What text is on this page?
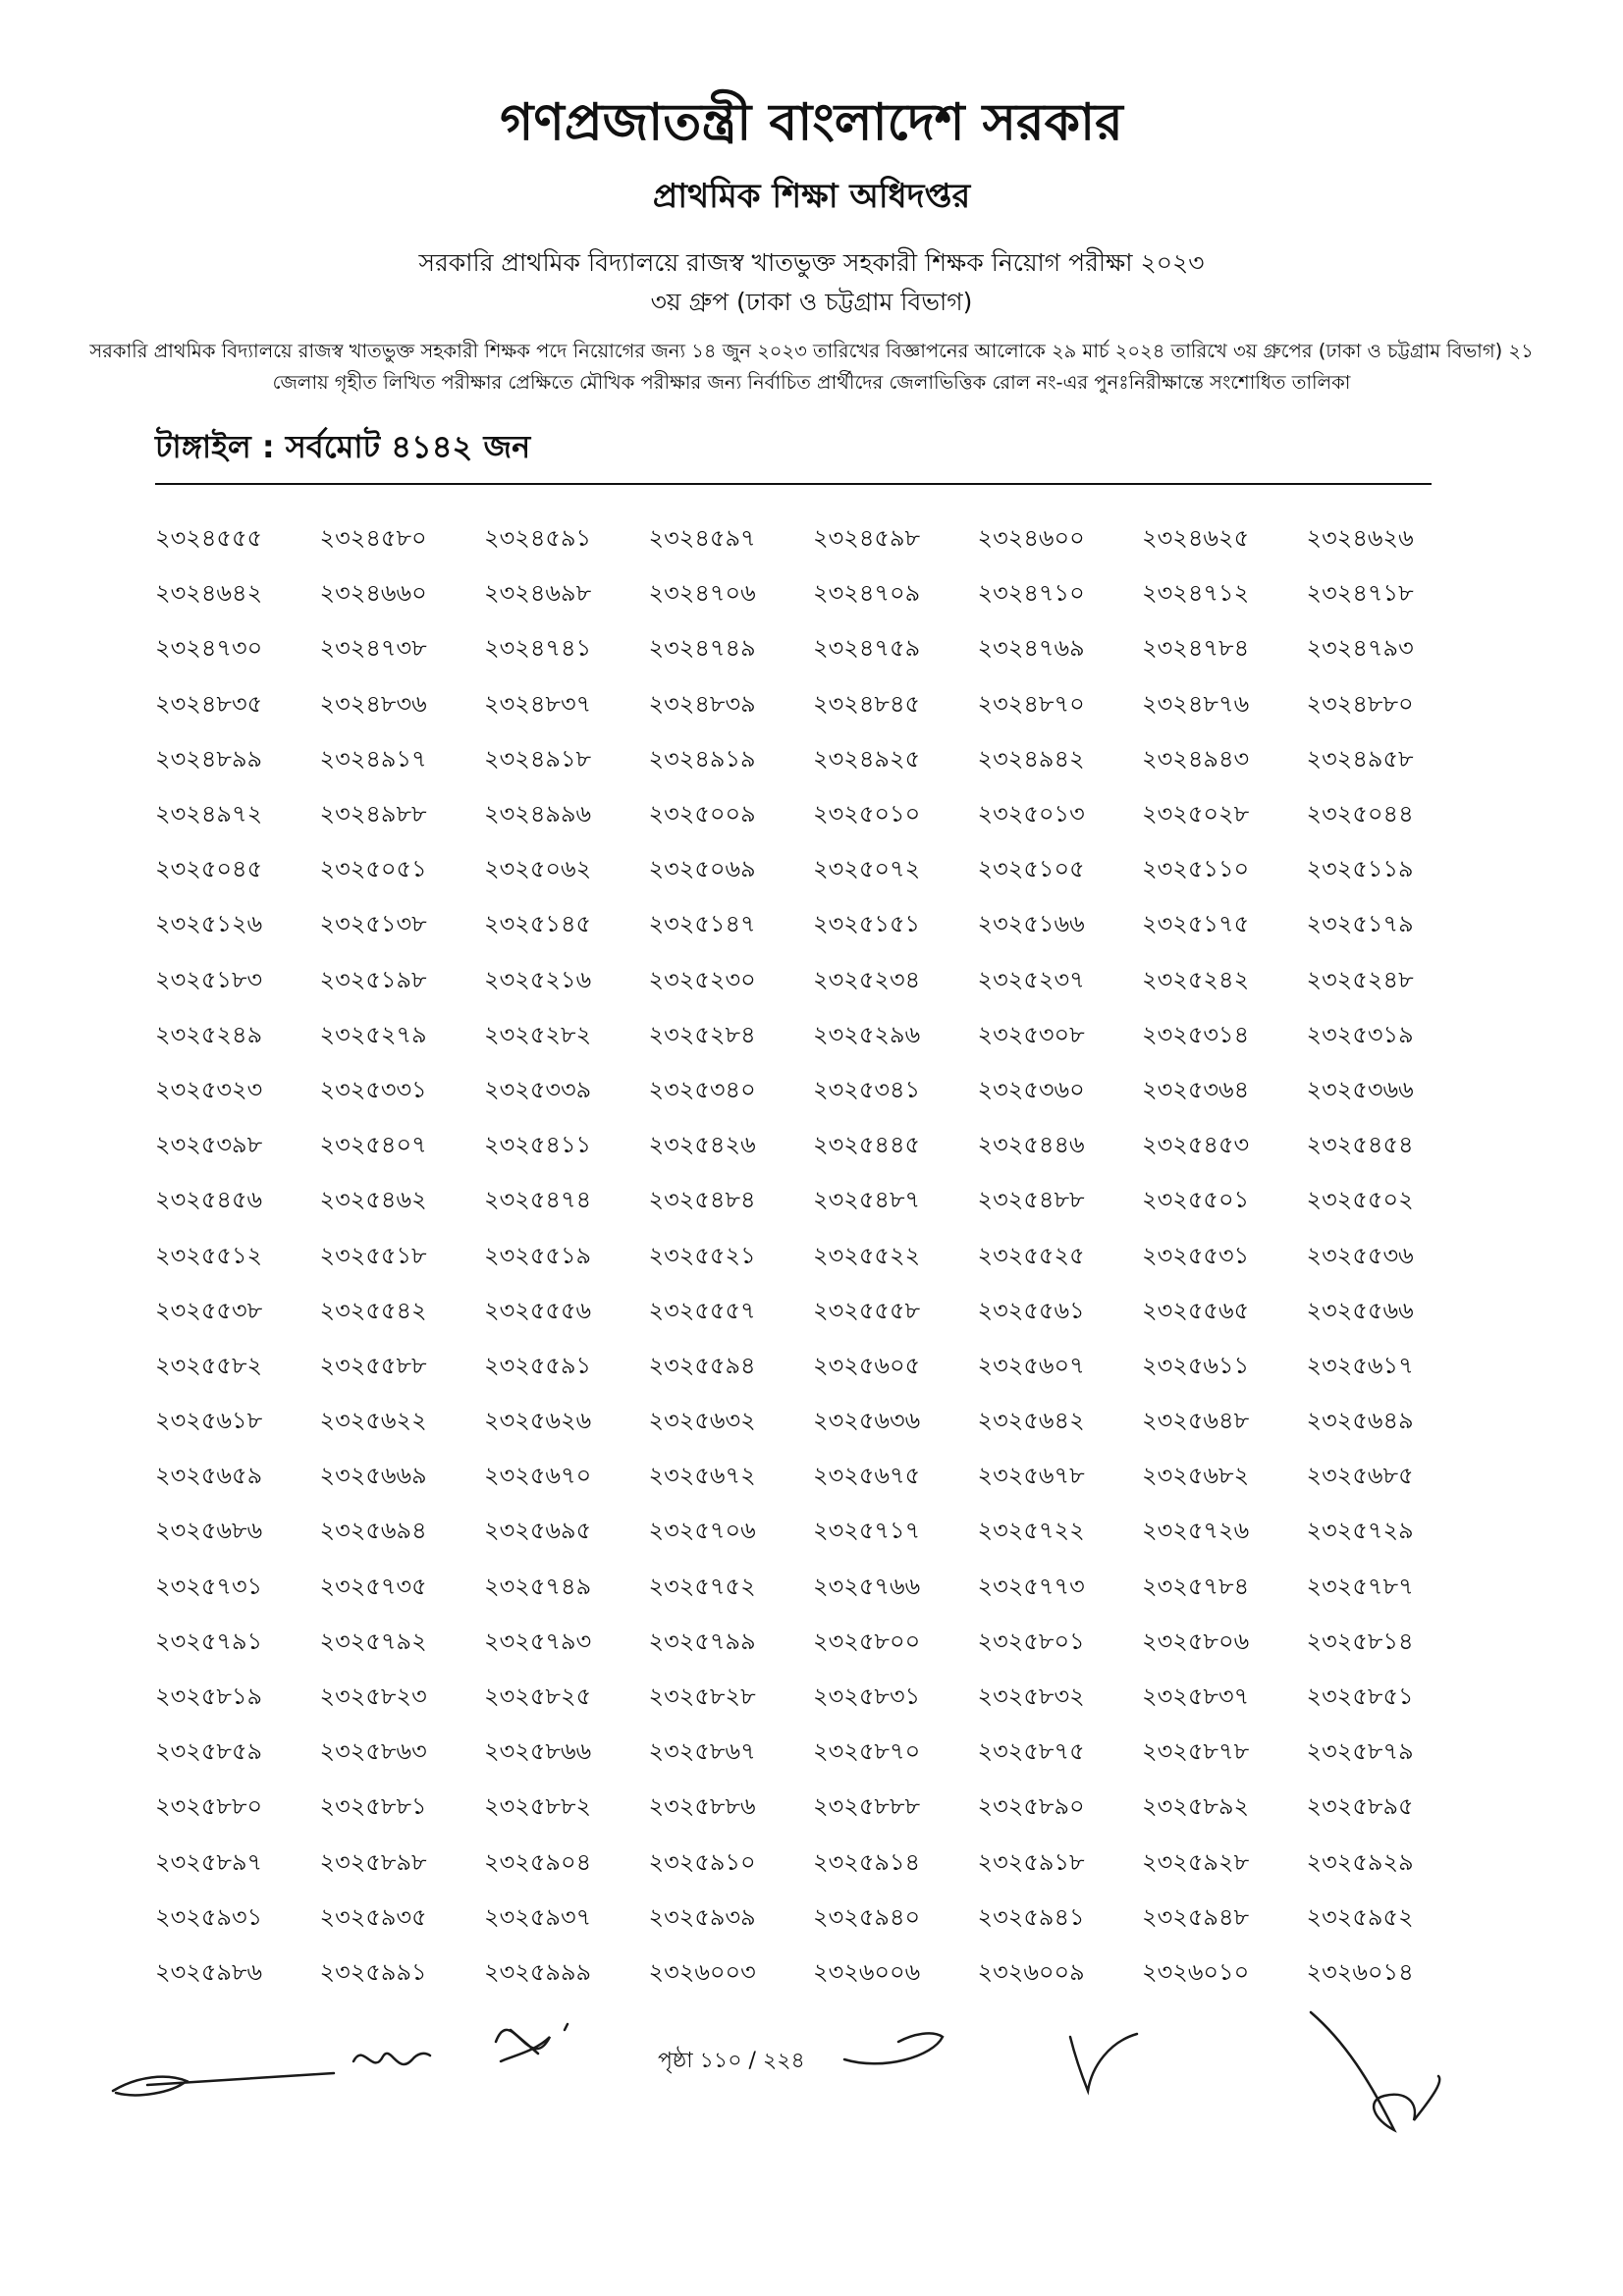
গণপ্রজাতন্ত্রী বাংলাদেশ সরকার

প্রাথমিক শিক্ষা অধিদপ্তর

সরকারি প্রাথমিক বিদ্যালয়ে রাজস্ব খাতভুক্ত সহকারী শিক্ষক নিয়োগ পরীক্ষা ২০২৩

৩য় গ্রুপ (ঢাকা ও চট্টগ্রাম বিভাগ)

সরকারি প্রাথমিক বিদ্যালয়ে রাজস্ব খাতভুক্ত সহকারী শিক্ষক পদে নিয়োগের জন্য ১৪ জুন ২০২৩ তারিখের বিজ্ঞাপনের আলোকে ২৯ মার্চ ২০২৪ তারিখে ৩য় গ্রুপের (ঢাকা ও চট্টগ্রাম বিভাগ) ২১ জেলায় গৃহীত লিখিত পরীক্ষার প্রেক্ষিতে মৌখিক পরীক্ষার জন্য নির্বাচিত প্রার্থীদের জেলাভিত্তিক রোল নং-এর পুনঃনিরীক্ষান্তে সংশোধিত তালিকা

টাঙ্গাইল : সর্বমোট ৪১৪২ জন

২৩২৪৫৫৫	২৩২৪৫৮০	২৩২৪৫৯১	২৩২৪৫৯৭	২৩২৪৫৯৮	২৩২৪৬০০	২৩২৪৬২৫	২৩২৪৬২৬
২৩২৪৬৪২	২৩২৪৬৬০	২৩২৪৬৯৮	২৩২৪৭০৬	২৩২৪৭০৯	২৩২৪৭১০	২৩২৪৭১২	২৩২৪৭১৮
২৩২৪৭৩০	২৩২৪৭৩৮	২৩২৪৭৪১	২৩২৪৭৪৯	২৩২৪৭৫৯	২৩২৪৭৬৯	২৩২৪৭৮৪	২৩২৪৭৯৩
২৩২৪৮৩৫	২৩২৪৮৩৬	২৩২৪৮৩৭	২৩২৪৮৩৯	২৩২৪৮৪৫	২৩২৪৮৭০	২৩২৪৮৭৬	২৩২৪৮৮০
২৩২৪৮৯৯	২৩২৪৯১৭	২৩২৪৯১৮	২৩২৪৯১৯	২৩২৪৯২৫	২৩২৪৯৪২	২৩২৪৯৪৩	২৩২৪৯৫৮
২৩২৪৯৭২	২৩২৪৯৮৮	২৩২৪৯৯৬	২৩২৫০০৯	২৩২৫০১০	২৩২৫০১৩	২৩২৫০২৮	২৩২৫০৪৪
২৩২৫০৪৫	২৩২৫০৫১	২৩২৫০৬২	২৩২৫০৬৯	২৩২৫০৭২	২৩২৫১০৫	২৩২৫১১০	২৩২৫১১৯
২৩২৫১২৬	২৩২৫১৩৮	২৩২৫১৪৫	২৩২৫১৪৭	২৩২৫১৫১	২৩২৫১৬৬	২৩২৫১৭৫	২৩২৫১৭৯
২৩২৫১৮৩	২৩২৫১৯৮	২৩২৫২১৬	২৩২৫২৩০	২৩২৫২৩৪	২৩২৫২৩৭	২৩২৫২৪২	২৩২৫২৪৮
২৩২৫২৪৯	২৩২৫২৭৯	২৩২৫২৮২	২৩২৫২৮৪	২৩২৫২৯৬	২৩২৫৩০৮	২৩২৫৩১৪	২৩২৫৩১৯
২৩২৫৩২৩	২৩২৫৩৩১	২৩২৫৩৩৯	২৩২৫৩৪০	২৩২৫৩৪১	২৩২৫৩৬০	২৩২৫৩৬৪	২৩২৫৩৬৬
২৩২৫৩৯৮	২৩২৫৪০৭	২৩২৫৪১১	২৩২৫৪২৬	২৩২৫৪৪৫	২৩২৫৪৪৬	২৩২৫৪৫৩	২৩২৫৪৫৪
২৩২৫৪৫৬	২৩২৫৪৬২	২৩২৫৪৭৪	২৩২৫৪৮৪	২৩২৫৪৮৭	২৩২৫৪৮৮	২৩২৫৫০১	২৩২৫৫০২
২৩২৫৫১২	২৩২৫৫১৮	২৩২৫৫১৯	২৩২৫৫২১	২৩২৫৫২২	২৩২৫৫২৫	২৩২৫৫৩১	২৩২৫৫৩৬
২৩২৫৫৩৮	২৩২৫৫৪২	২৩২৫৫৫৬	২৩২৫৫৫৭	২৩২৫৫৫৮	২৩২৫৫৬১	২৩২৫৫৬৫	২৩২৫৫৬৬
২৩২৫৫৮২	২৩২৫৫৮৮	২৩২৫৫৯১	২৩২৫৫৯৪	২৩২৫৬০৫	২৩২৫৬০৭	২৩২৫৬১১	২৩২৫৬১৭
২৩২৫৬১৮	২৩২৫৬২২	২৩২৫৬২৬	২৩২৫৬৩২	২৩২৫৬৩৬	২৩২৫৬৪২	২৩২৫৬৪৮	২৩২৫৬৪৯
২৩২৫৬৫৯	২৩২৫৬৬৯	২৩২৫৬৭০	২৩২৫৬৭২	২৩২৫৬৭৫	২৩২৫৬৭৮	২৩২৫৬৮২	২৩২৫৬৮৫
২৩২৫৬৮৬	২৩২৫৬৯৪	২৩২৫৬৯৫	২৩২৫৭০৬	২৩২৫৭১৭	২৩২৫৭২২	২৩২৫৭২৬	২৩২৫৭২৯
২৩২৫৭৩১	২৩২৫৭৩৫	২৩২৫৭৪৯	২৩২৫৭৫২	২৩২৫৭৬৬	২৩২৫৭৭৩	২৩২৫৭৮৪	২৩২৫৭৮৭
২৩২৫৭৯১	২৩২৫৭৯২	২৩২৫৭৯৩	২৩২৫৭৯৯	২৩২৫৮০০	২৩২৫৮০১	২৩২৫৮০৬	২৩২৫৮১৪
২৩২৫৮১৯	২৩২৫৮২৩	২৩২৫৮২৫	২৩২৫৮২৮	২৩২৫৮৩১	২৩২৫৮৩২	২৩২৫৮৩৭	২৩২৫৮৫১
২৩২৫৮৫৯	২৩২৫৮৬৩	২৩২৫৮৬৬	২৩২৫৮৬৭	২৩২৫৮৭০	২৩২৫৮৭৫	২৩২৫৮৭৮	২৩২৫৮৭৯
২৩২৫৮৮০	২৩২৫৮৮১	২৩২৫৮৮২	২৩২৫৮৮৬	২৩২৫৮৮৮	২৩২৫৮৯০	২৩২৫৮৯২	২৩২৫৮৯৫
২৩২৫৮৯৭	২৩২৫৮৯৮	২৩২৫৯০৪	২৩২৫৯১০	২৩২৫৯১৪	২৩২৫৯১৮	২৩২৫৯২৮	২৩২৫৯২৯
২৩২৫৯৩১	২৩২৫৯৩৫	২৩২৫৯৩৭	২৩২৫৯৩৯	২৩২৫৯৪০	২৩২৫৯৪১	২৩২৫৯৪৮	২৩২৫৯৫২
২৩২৫৯৮৬	২৩২৫৯৯১	২৩২৫৯৯৯	২৩২৬০০৩	২৩২৬০০৬	২৩২৬০০৯	২৩২৬০১০	২৩২৬০১৪

পৃষ্ঠা ১১০ / ২২৪
